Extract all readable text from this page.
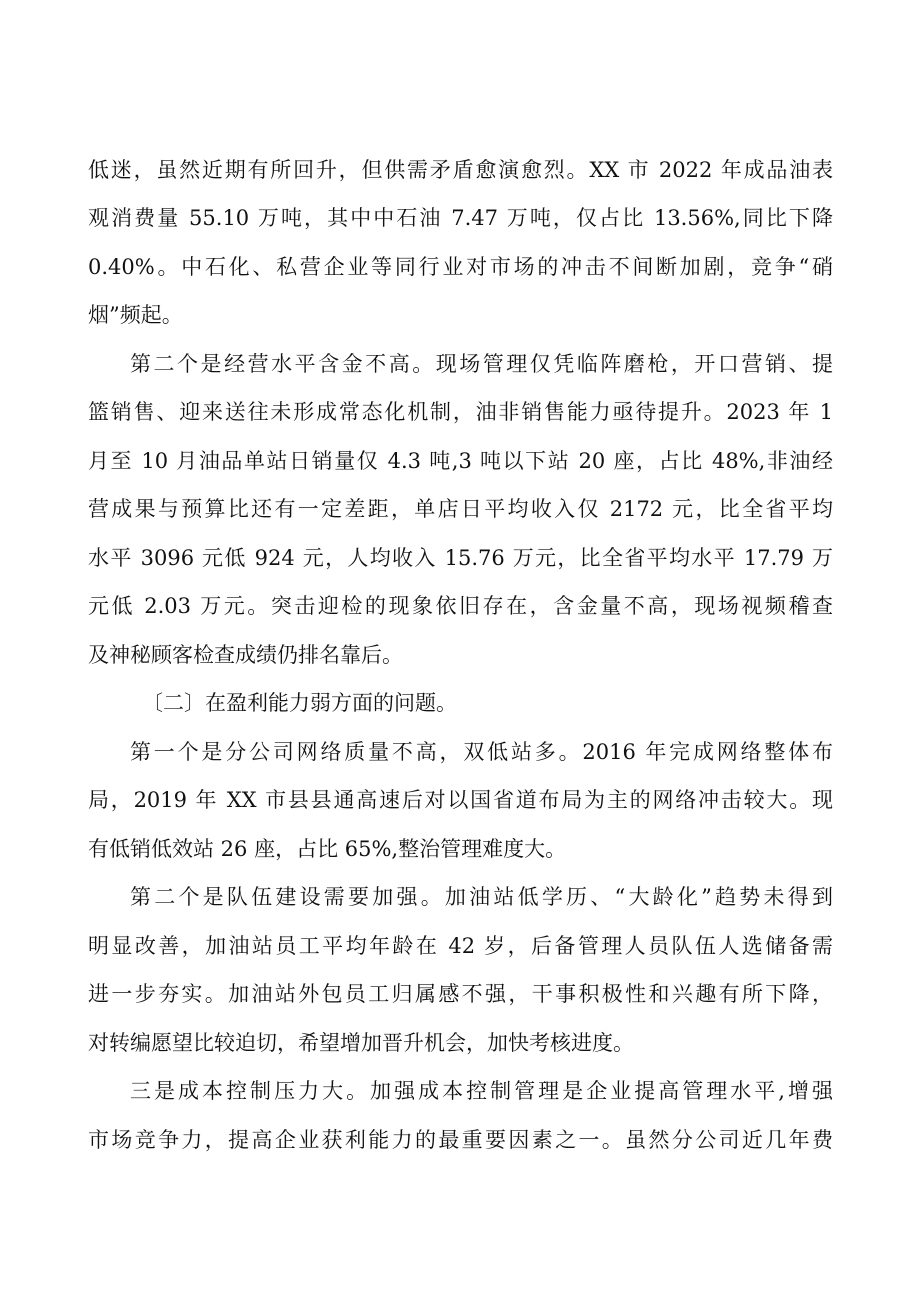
低迷，虽然近期有所回升，但供需矛盾愈演愈烈。XX 市 2022 年成品油表
观消费量 55.10 万吨，其中中石油 7.47 万吨，仅占比 13.56%,同比下降
0.40%。中石化、私营企业等同行业对市场的冲击不间断加剧，竞争“硝
烟”频起。
第二个是经营水平含金不高。现场管理仅凭临阵磨枪，开口营销、提
篮销售、迎来送往未形成常态化机制，油非销售能力亟待提升。2023 年 1
月至 10 月油品单站日销量仅 4.3 吨,3 吨以下站 20 座，占比 48%,非油经
营成果与预算比还有一定差距，单店日平均收入仅 2172 元，比全省平均
水平 3096 元低 924 元，人均收入 15.76 万元，比全省平均水平 17.79 万
元低 2.03 万元。突击迎检的现象依旧存在，含金量不高，现场视频稽查
及神秘顾客检查成绩仍排名靠后。
〔二〕在盈利能力弱方面的问题。
第一个是分公司网络质量不高，双低站多。2016 年完成网络整体布
局，2019 年 XX 市县县通高速后对以国省道布局为主的网络冲击较大。现
有低销低效站 26 座，占比 65%,整治管理难度大。
第二个是队伍建设需要加强。加油站低学历、“大龄化”趋势未得到
明显改善，加油站员工平均年龄在 42 岁，后备管理人员队伍人选储备需
进一步夯实。加油站外包员工归属感不强，干事积极性和兴趣有所下降，
对转编愿望比较迫切，希望增加晋升机会，加快考核进度。
三是成本控制压力大。加强成本控制管理是企业提高管理水平,增强
市场竞争力，提高企业获利能力的最重要因素之一。虽然分公司近几年费
